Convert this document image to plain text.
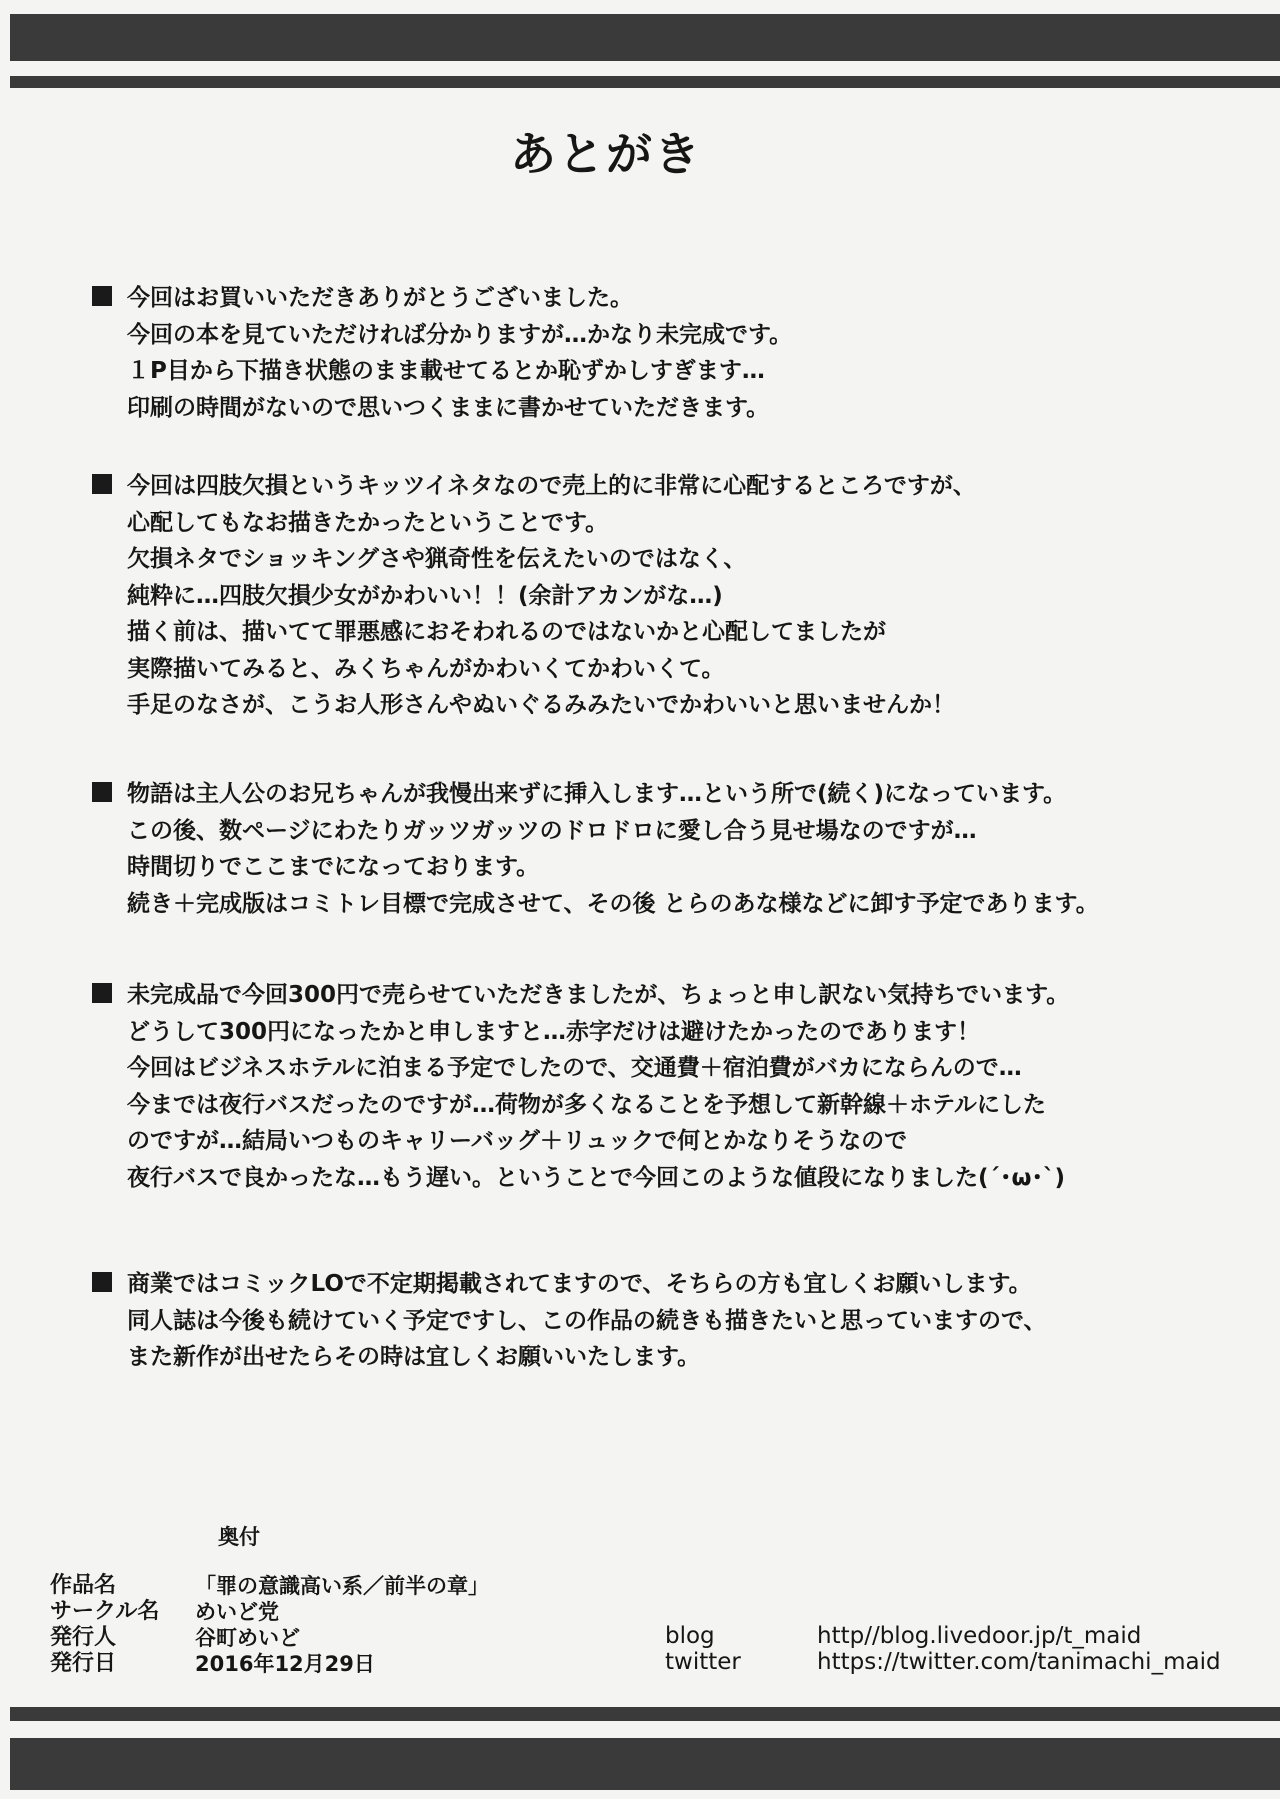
あとがき
今回はお買いいただきありがとうございました。
今回の本を見ていただければ分かりますが…かなり未完成です。
１P目から下描き状態のまま載せてるとか恥ずかしすぎます…
印刷の時間がないので思いつくままに書かせていただきます。
今回は四肢欠損というキッツイネタなので売上的に非常に心配するところですが、
心配してもなお描きたかったということです。
欠損ネタでショッキングさや猟奇性を伝えたいのではなく、
純粋に…四肢欠損少女がかわいい！！(余計アカンがな…)
描く前は、描いてて罪悪感におそわれるのではないかと心配してましたが
実際描いてみると、みくちゃんがかわいくてかわいくて。
手足のなさが、こうお人形さんやぬいぐるみみたいでかわいいと思いませんか！
物語は主人公のお兄ちゃんが我慢出来ずに挿入します…という所で(続く)になっています。
この後、数ページにわたりガッツガッツのドロドロに愛し合う見せ場なのですが…
時間切りでここまでになっております。
続き＋完成版はコミトレ目標で完成させて、その後 とらのあな様などに卸す予定であります。
未完成品で今回300円で売らせていただきましたが、ちょっと申し訳ない気持ちでいます。
どうして300円になったかと申しますと…赤字だけは避けたかったのであります！
今回はビジネスホテルに泊まる予定でしたので、交通費＋宿泊費がバカにならんので…
今までは夜行バスだったのですが…荷物が多くなることを予想して新幹線＋ホテルにした
のですが…結局いつものキャリーバッグ＋リュックで何とかなりそうなので
夜行バスで良かったな…もう遅い。ということで今回このような値段になりました(´･ω･`)
商業ではコミックLOで不定期掲載されてますので、そちらの方も宜しくお願いします。
同人誌は今後も続けていく予定ですし、この作品の続きも描きたいと思っていますので、
また新作が出せたらその時は宜しくお願いいたします。
奥付
作品名	「罪の意識高い系／前半の章」
サークル名	めいど党
発行人	谷町めいど
発行日	2016年12月29日
blog	http//blog.livedoor.jp/t_maid
twitter	https://twitter.com/tanimachi_maid
